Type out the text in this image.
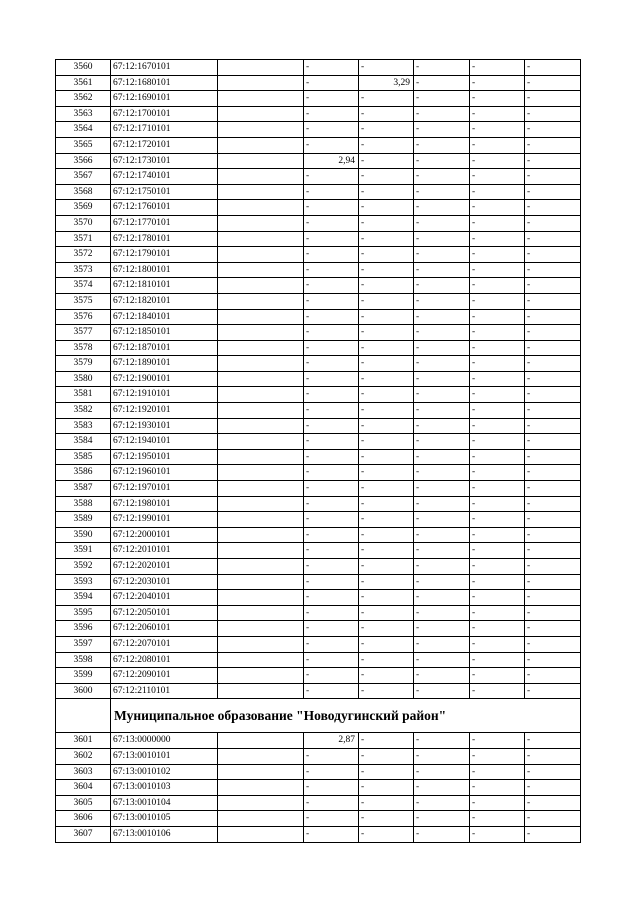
3560	67:12:1670101		-	-	-	-	-
3561	67:12:1680101		-	3,29	-	-	-
3562	67:12:1690101		-	-	-	-	-
3563	67:12:1700101		-	-	-	-	-
3564	67:12:1710101		-	-	-	-	-
3565	67:12:1720101		-	-	-	-	-
3566	67:12:1730101		2,94	-	-	-	-
3567	67:12:1740101		-	-	-	-	-
3568	67:12:1750101		-	-	-	-	-
3569	67:12:1760101		-	-	-	-	-
3570	67:12:1770101		-	-	-	-	-
3571	67:12:1780101		-	-	-	-	-
3572	67:12:1790101		-	-	-	-	-
3573	67:12:1800101		-	-	-	-	-
3574	67:12:1810101		-	-	-	-	-
3575	67:12:1820101		-	-	-	-	-
3576	67:12:1840101		-	-	-	-	-
3577	67:12:1850101		-	-	-	-	-
3578	67:12:1870101		-	-	-	-	-
3579	67:12:1890101		-	-	-	-	-
3580	67:12:1900101		-	-	-	-	-
3581	67:12:1910101		-	-	-	-	-
3582	67:12:1920101		-	-	-	-	-
3583	67:12:1930101		-	-	-	-	-
3584	67:12:1940101		-	-	-	-	-
3585	67:12:1950101		-	-	-	-	-
3586	67:12:1960101		-	-	-	-	-
3587	67:12:1970101		-	-	-	-	-
3588	67:12:1980101		-	-	-	-	-
3589	67:12:1990101		-	-	-	-	-
3590	67:12:2000101		-	-	-	-	-
3591	67:12:2010101		-	-	-	-	-
3592	67:12:2020101		-	-	-	-	-
3593	67:12:2030101		-	-	-	-	-
3594	67:12:2040101		-	-	-	-	-
3595	67:12:2050101		-	-	-	-	-
3596	67:12:2060101		-	-	-	-	-
3597	67:12:2070101		-	-	-	-	-
3598	67:12:2080101		-	-	-	-	-
3599	67:12:2090101		-	-	-	-	-
3600	67:12:2110101		-	-	-	-	-
	Муниципальное образование "Новодугинский район"						
3601	67:13:0000000		2,87	-	-	-	-
3602	67:13:0010101		-	-	-	-	-
3603	67:13:0010102		-	-	-	-	-
3604	67:13:0010103		-	-	-	-	-
3605	67:13:0010104		-	-	-	-	-
3606	67:13:0010105		-	-	-	-	-
3607	67:13:0010106		-	-	-	-	-
